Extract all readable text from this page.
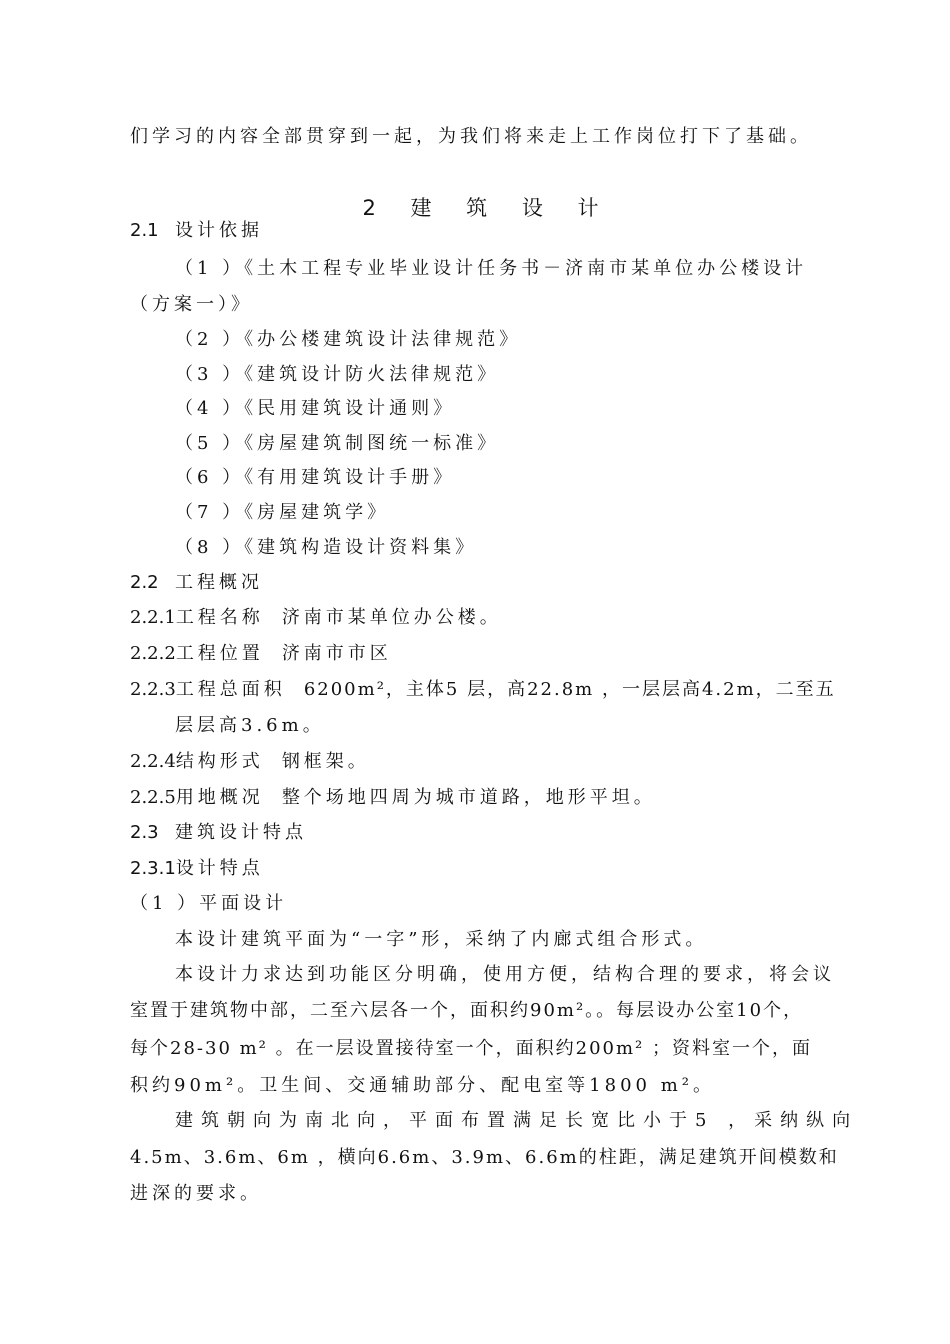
们学习的内容全部贯穿到一起，为我们将来走上工作岗位打下了基础。
2 建 筑 设 计
2.1 设计依据
（1 ）《土木工程专业毕业设计任务书－济南市某单位办公楼设计
（方案一）》
（2 ）《办公楼建筑设计法律规范》
（3 ）《建筑设计防火法律规范》
（4 ）《民用建筑设计通则》
（5 ）《房屋建筑制图统一标准》
（6 ）《有用建筑设计手册》
（7 ）《房屋建筑学》
（8 ）《建筑构造设计资料集》
2.2 工程概况
2.2.1工程名称 济南市某单位办公楼。
2.2.2工程位置 济南市市区
2.2.3工程总面积 6200m²，主体5 层，高22.8m ，一层层高4.2m，二至五
层层高3.6m。
2.2.4结构形式 钢框架。
2.2.5用地概况 整个场地四周为城市道路，地形平坦。
2.3 建筑设计特点
2.3.1设计特点
（1 ）平面设计
本设计建筑平面为“一字”形，采纳了内廊式组合形式。
本设计力求达到功能区分明确，使用方便，结构合理的要求，将会议
室置于建筑物中部，二至六层各一个，面积约90m²。。每层设办公室10个，
每个28-30 m² 。在一层设置接待室一个，面积约200m² ；资料室一个，面
积约90m²。卫生间、交通辅助部分、配电室等1800 m²。
建筑朝向为南北向，平面布置满足长宽比小于5 ，采纳纵向
4.5m、3.6m、6m ，横向6.6m、3.9m、6.6m的柱距，满足建筑开间模数和
进深的要求。
